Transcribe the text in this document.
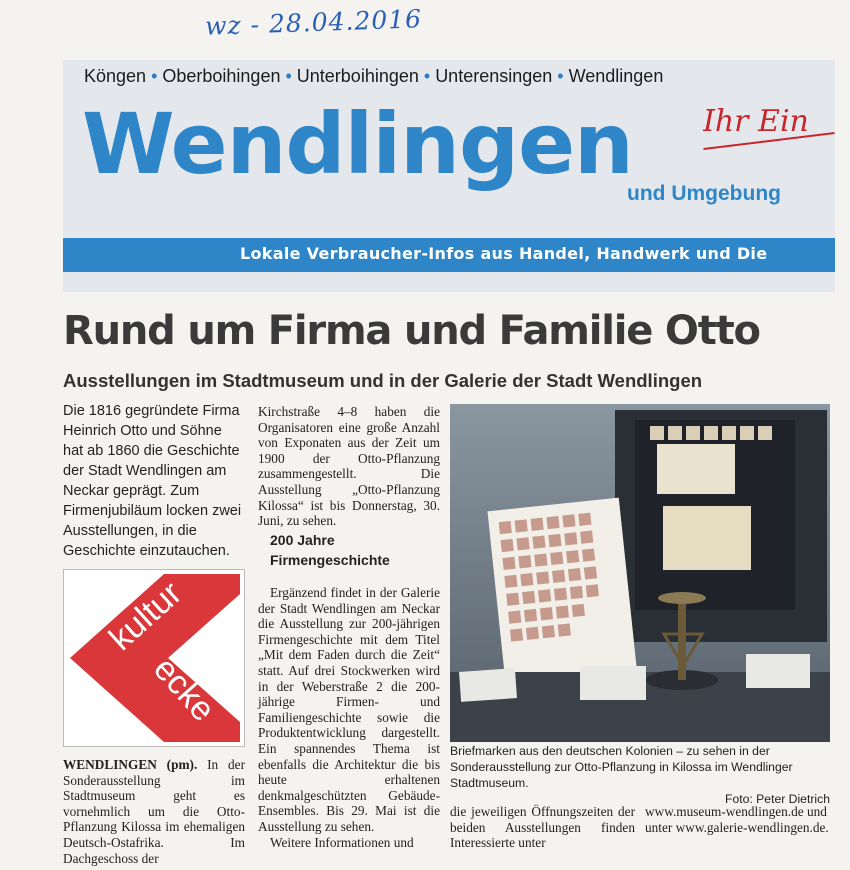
wz - 28.04.2016
Köngen • Oberboihingen • Unterboihingen • Unterensingen • Wendlingen
Wendlingen
und Umgebung
Ihr Ein
Lokale Verbraucher-Infos aus Handel, Handwerk und Die
Rund um Firma und Familie Otto
Ausstellungen im Stadtmuseum und in der Galerie der Stadt Wendlingen
Die 1816 gegründete Firma Heinrich Otto und Söhne hat ab 1860 die Geschichte der Stadt Wendlingen am Neckar geprägt. Zum Firmenjubiläum locken zwei Ausstellungen, in die Geschichte einzutauchen.
kultur
ecke
WENDLINGEN (pm). In der Sonderausstellung im Stadtmuseum geht es vornehmlich um die Otto-Pflanzung Kilossa im ehemaligen Deutsch-Ostafrika. Im Dachgeschoss der
Kirchstraße 4–8 haben die Organisatoren eine große Anzahl von Exponaten aus der Zeit um 1900 der Otto-Pflanzung zusammengestellt. Die Ausstellung „Otto-Pflanzung Kilossa“ ist bis Donnerstag, 30. Juni, zu sehen.
200 Jahre Firmengeschichte
Ergänzend findet in der Galerie der Stadt Wendlingen am Neckar die Ausstellung zur 200-jährigen Firmengeschichte mit dem Titel „Mit dem Faden durch die Zeit“ statt. Auf drei Stockwerken wird in der Weberstraße 2 die 200-jährige Firmen- und Familiengeschichte sowie die Produktentwicklung dargestellt. Ein spannendes Thema ist ebenfalls die Architektur die bis heute erhaltenen denkmalgeschützten Gebäude-Ensembles. Bis 29. Mai ist die Ausstellung zu sehen.
Weitere Informationen und
Briefmarken aus den deutschen Kolonien – zu sehen in der Sonderausstellung zur Otto-Pflanzung in Kilossa im Wendlinger Stadtmuseum.
Foto: Peter Dietrich
die jeweiligen Öffnungszeiten der beiden Ausstellungen finden Interessierte unter
www.museum-wendlingen.de und unter www.galerie-wendlingen.de.
